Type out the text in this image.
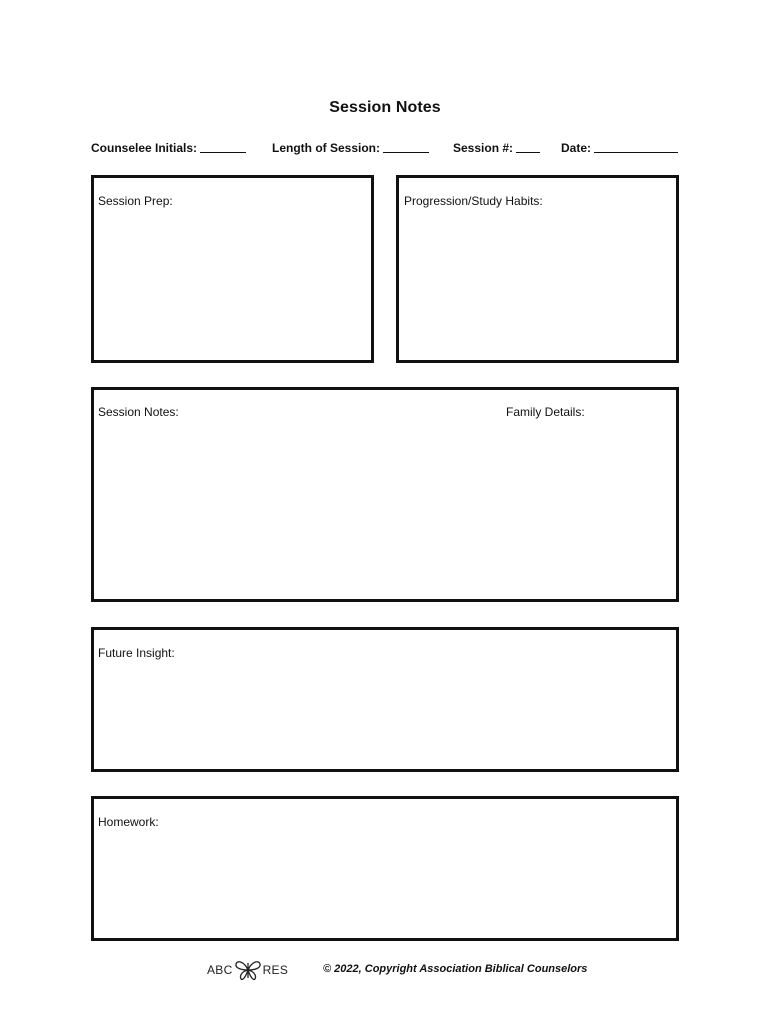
Session Notes
Counselee Initials:	Length of Session:	Session #:	Date:
Session Prep:	Progression/Study Habits:
Session Notes:	Family Details:
Future Insight:
Homework:
ABC	RES	© 2022, Copyright Association Biblical Counselors
